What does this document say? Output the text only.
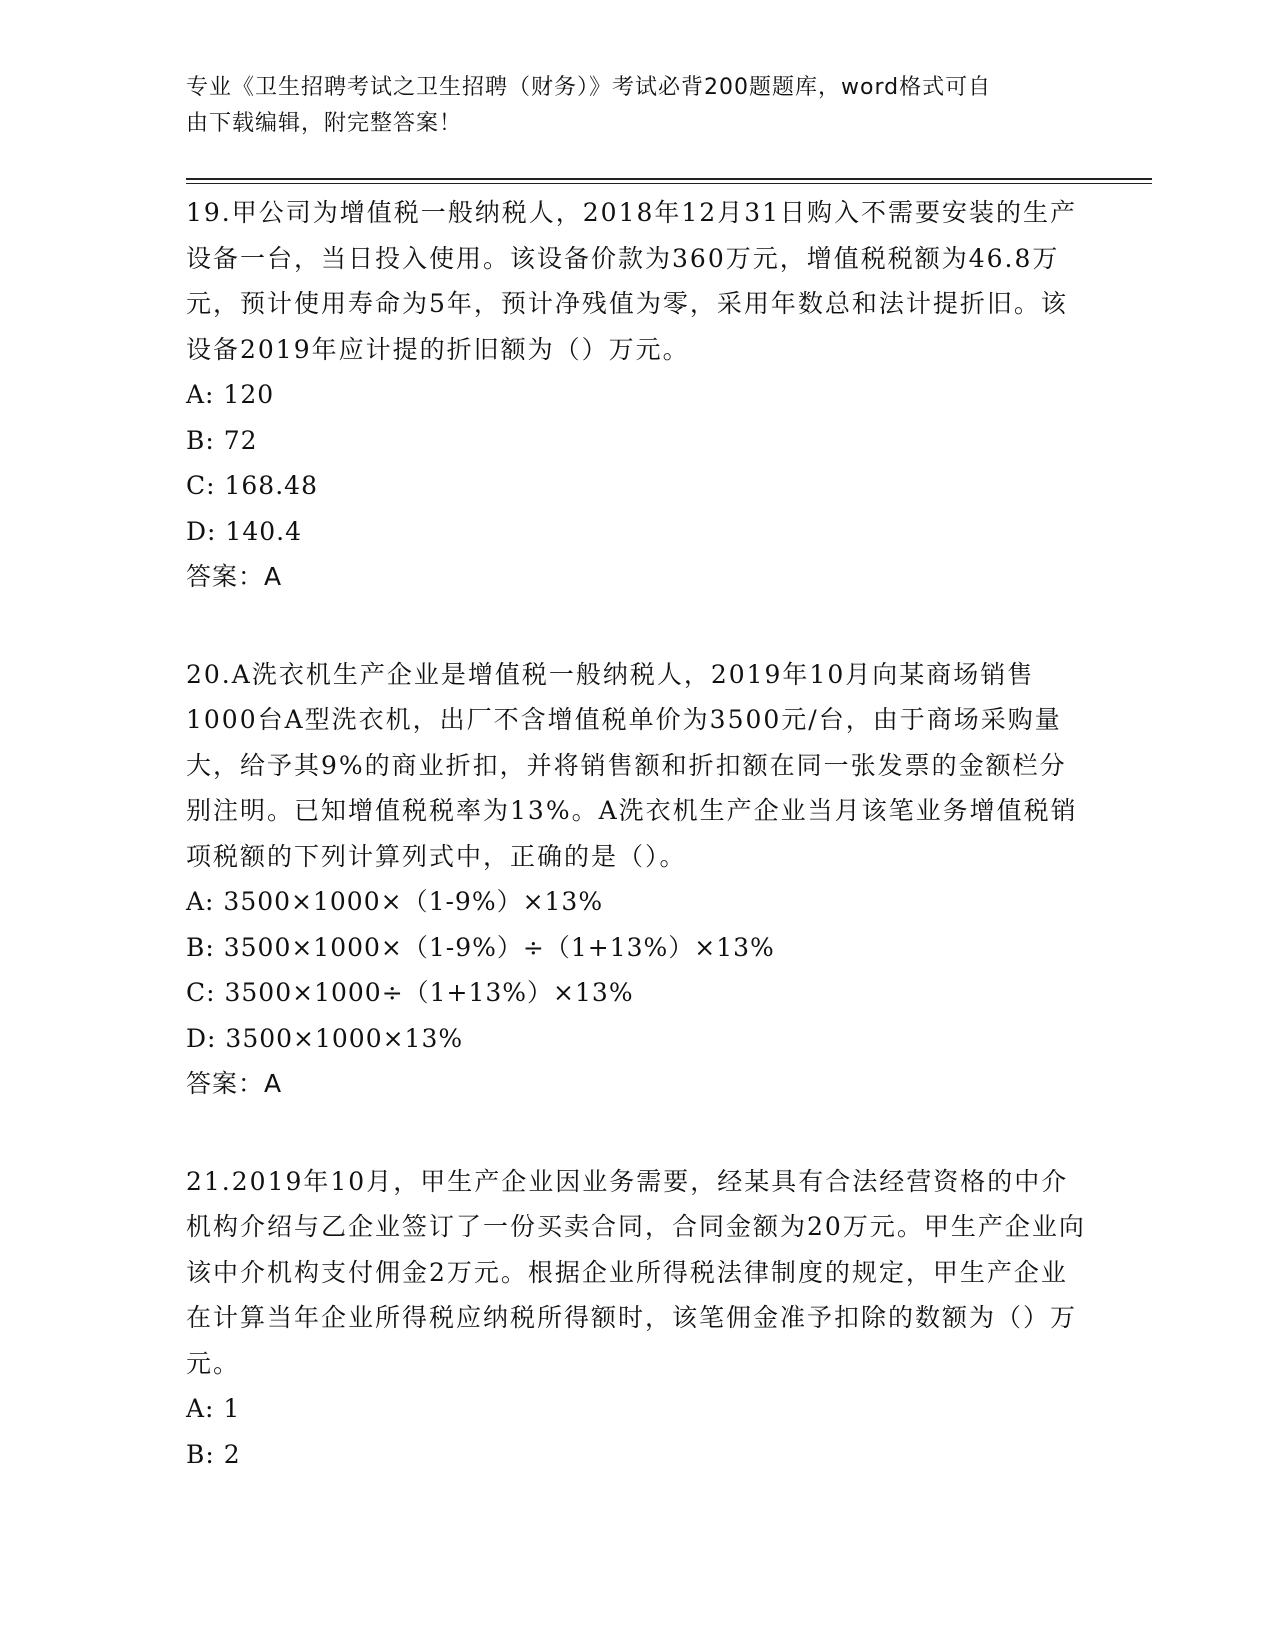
专业《卫生招聘考试之卫生招聘（财务）》考试必背200题题库，word格式可自
由下载编辑，附完整答案！

19.甲公司为增值税一般纳税人，2018年12月31日购入不需要安装的生产设备一台，当日投入使用。该设备价款为360万元，增值税税额为46.8万元，预计使用寿命为5年，预计净残值为零，采用年数总和法计提折旧。该设备2019年应计提的折旧额为（）万元。

A: 120
B: 72
C: 168.48
D: 140.4
答案：A

20.A洗衣机生产企业是增值税一般纳税人，2019年10月向某商场销售1000台A型洗衣机，出厂不含增值税单价为3500元/台，由于商场采购量大，给予其9%的商业折扣，并将销售额和折扣额在同一张发票的金额栏分别注明。已知增值税税率为13%。A洗衣机生产企业当月该笔业务增值税销项税额的下列计算列式中，正确的是（）。

A: 3500×1000×（1-9%）×13%
B: 3500×1000×（1-9%）÷（1+13%）×13%
C: 3500×1000÷（1+13%）×13%
D: 3500×1000×13%
答案：A

21.2019年10月，甲生产企业因业务需要，经某具有合法经营资格的中介机构介绍与乙企业签订了一份买卖合同，合同金额为20万元。甲生产企业向该中介机构支付佣金2万元。根据企业所得税法律制度的规定，甲生产企业在计算当年企业所得税应纳税所得额时，该笔佣金准予扣除的数额为（）万元。

A: 1
B: 2
